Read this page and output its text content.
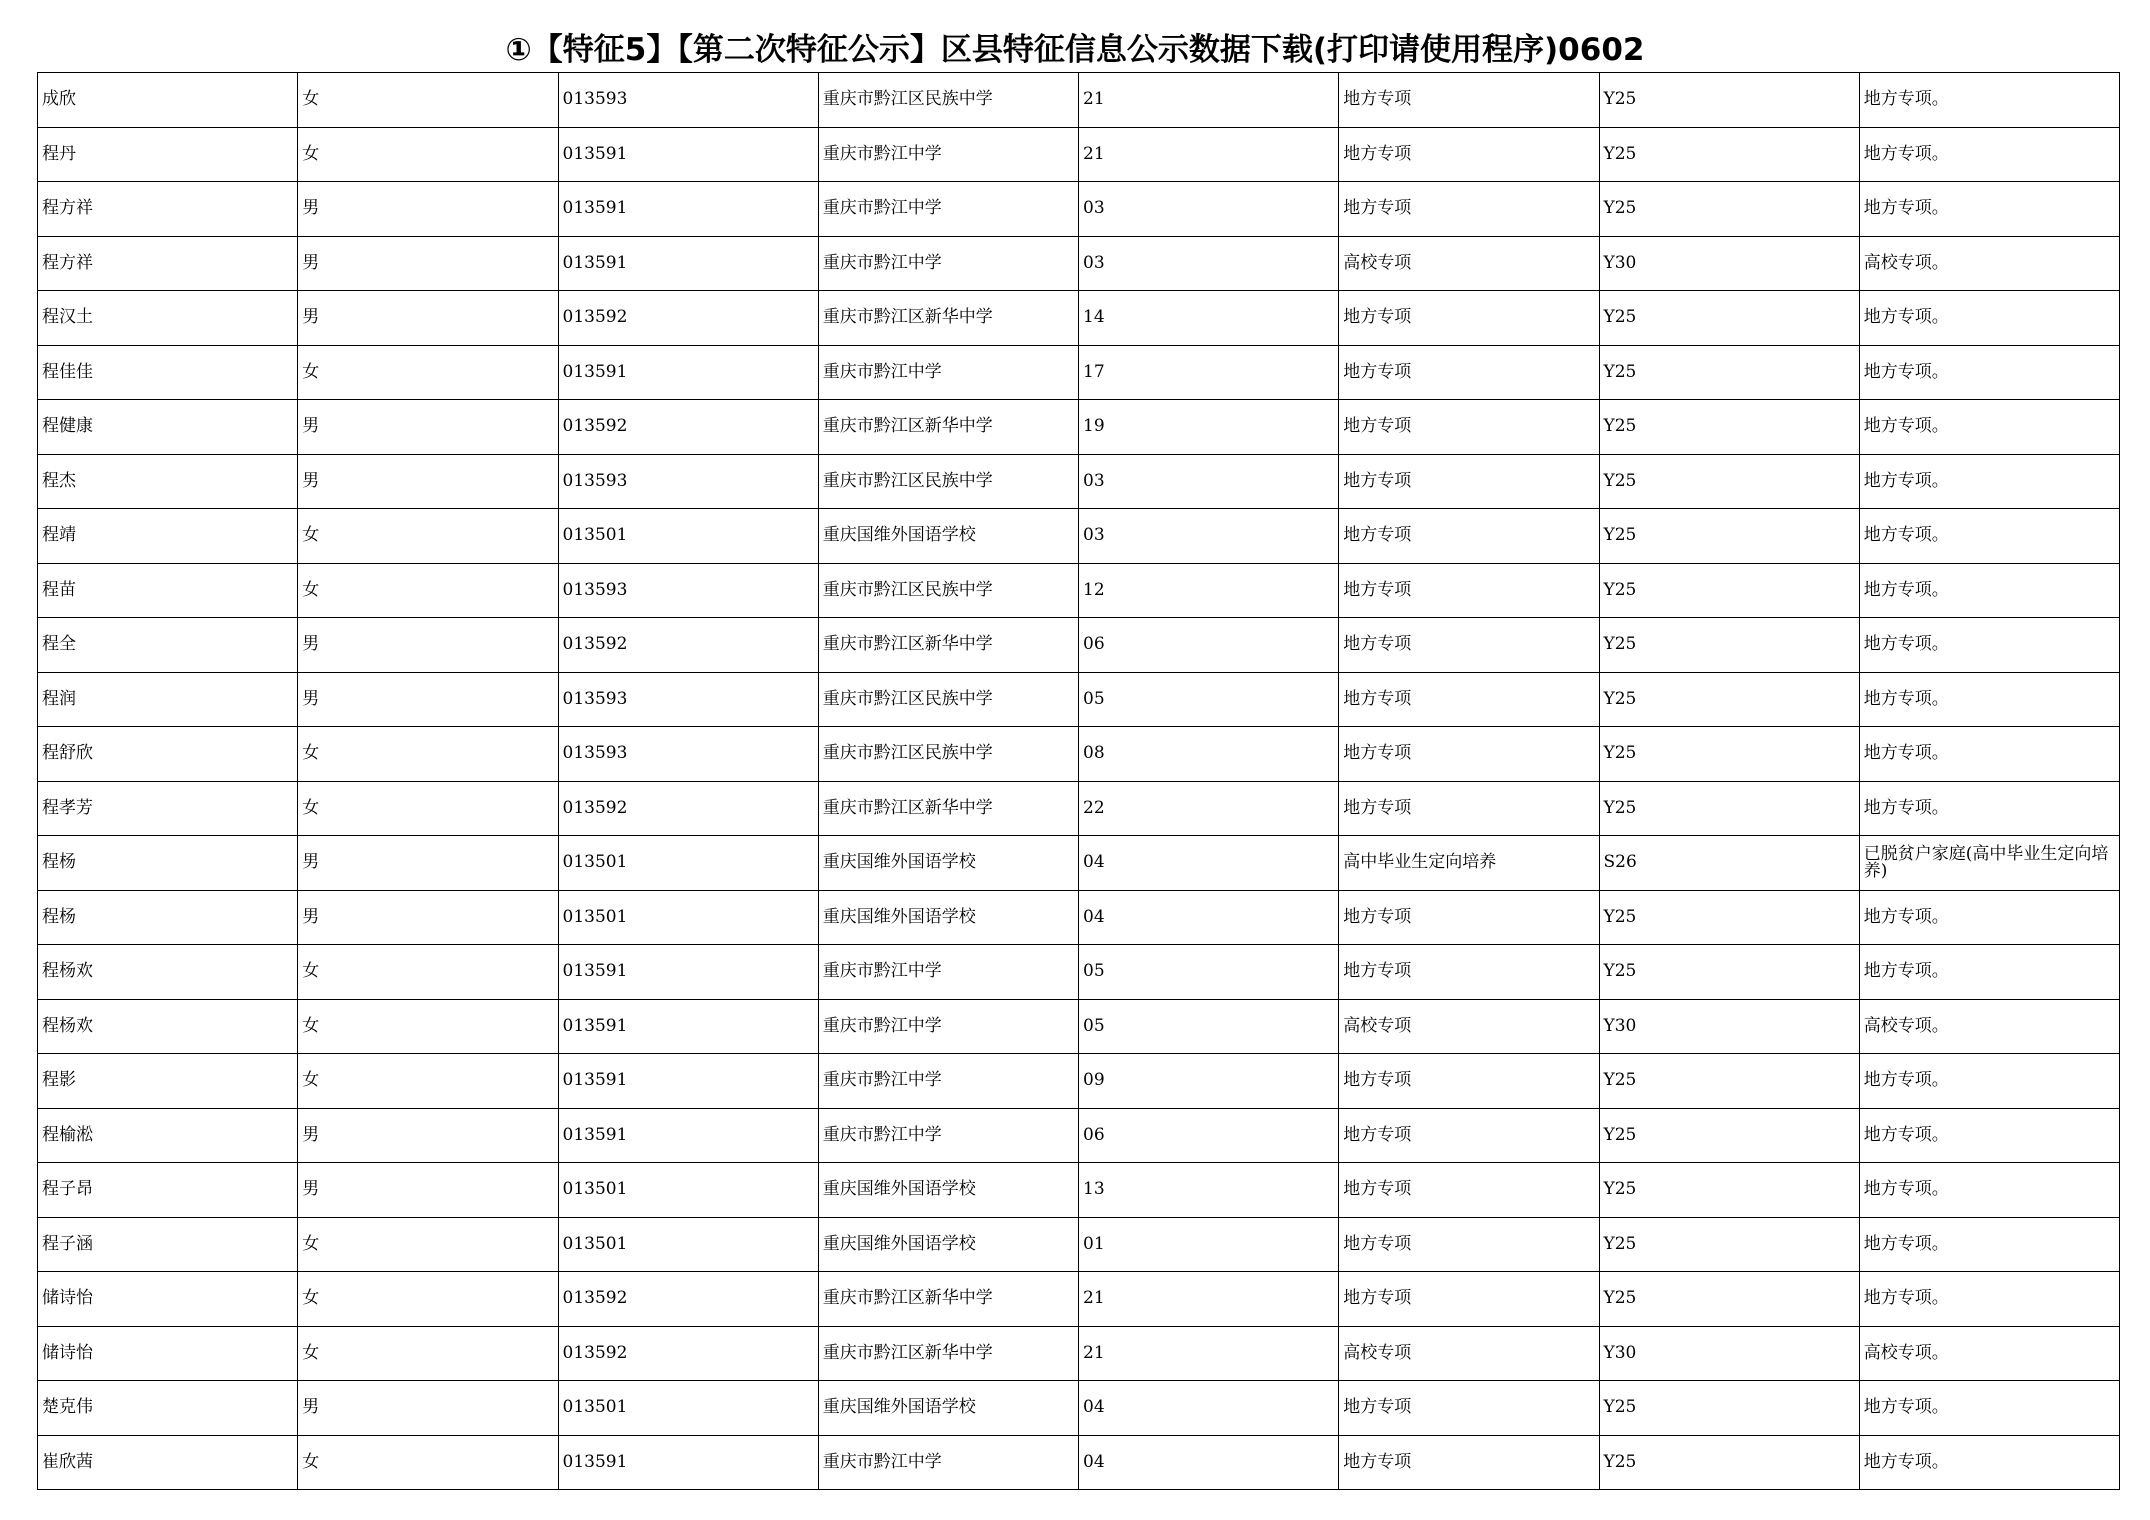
①【特征5】【第二次特征公示】区县特征信息公示数据下载(打印请使用程序)0602
成欣	女	013593	重庆市黔江区民族中学	21	地方专项	Y25	地方专项。
程丹	女	013591	重庆市黔江中学	21	地方专项	Y25	地方专项。
程方祥	男	013591	重庆市黔江中学	03	地方专项	Y25	地方专项。
程方祥	男	013591	重庆市黔江中学	03	高校专项	Y30	高校专项。
程汉土	男	013592	重庆市黔江区新华中学	14	地方专项	Y25	地方专项。
程佳佳	女	013591	重庆市黔江中学	17	地方专项	Y25	地方专项。
程健康	男	013592	重庆市黔江区新华中学	19	地方专项	Y25	地方专项。
程杰	男	013593	重庆市黔江区民族中学	03	地方专项	Y25	地方专项。
程靖	女	013501	重庆国维外国语学校	03	地方专项	Y25	地方专项。
程苗	女	013593	重庆市黔江区民族中学	12	地方专项	Y25	地方专项。
程全	男	013592	重庆市黔江区新华中学	06	地方专项	Y25	地方专项。
程润	男	013593	重庆市黔江区民族中学	05	地方专项	Y25	地方专项。
程舒欣	女	013593	重庆市黔江区民族中学	08	地方专项	Y25	地方专项。
程孝芳	女	013592	重庆市黔江区新华中学	22	地方专项	Y25	地方专项。
程杨	男	013501	重庆国维外国语学校	04	高中毕业生定向培养	S26	已脱贫户家庭(高中毕业生定向培养)
程杨	男	013501	重庆国维外国语学校	04	地方专项	Y25	地方专项。
程杨欢	女	013591	重庆市黔江中学	05	地方专项	Y25	地方专项。
程杨欢	女	013591	重庆市黔江中学	05	高校专项	Y30	高校专项。
程影	女	013591	重庆市黔江中学	09	地方专项	Y25	地方专项。
程榆淞	男	013591	重庆市黔江中学	06	地方专项	Y25	地方专项。
程子昂	男	013501	重庆国维外国语学校	13	地方专项	Y25	地方专项。
程子涵	女	013501	重庆国维外国语学校	01	地方专项	Y25	地方专项。
储诗怡	女	013592	重庆市黔江区新华中学	21	地方专项	Y25	地方专项。
储诗怡	女	013592	重庆市黔江区新华中学	21	高校专项	Y30	高校专项。
楚克伟	男	013501	重庆国维外国语学校	04	地方专项	Y25	地方专项。
崔欣茜	女	013591	重庆市黔江中学	04	地方专项	Y25	地方专项。
